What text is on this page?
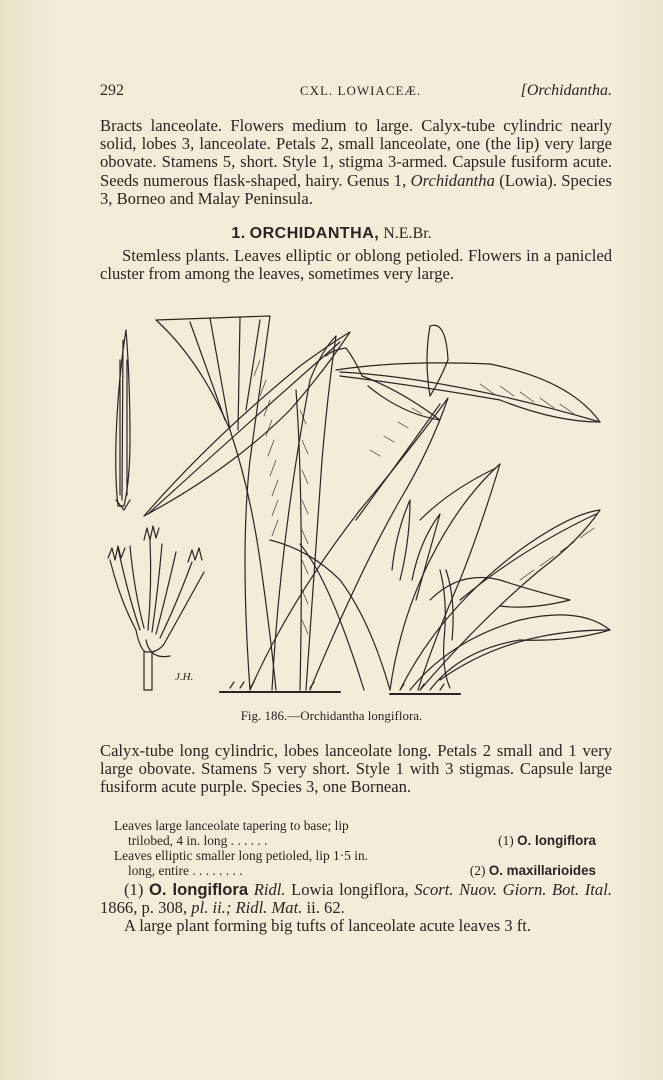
292	CXL. LOWIACEÆ.	[Orchidantha.
Bracts lanceolate. Flowers medium to large. Calyx-tube cylindric nearly solid, lobes 3, lanceolate. Petals 2, small lanceolate, one (the lip) very large obovate. Stamens 5, short. Style 1, stigma 3-armed. Capsule fusiform acute. Seeds numerous flask-shaped, hairy. Genus 1, Orchidantha (Lowia). Species 3, Borneo and Malay Peninsula.
1. ORCHIDANTHA, N.E.Br.
Stemless plants. Leaves elliptic or oblong petioled. Flowers in a panicled cluster from among the leaves, sometimes very large.
J.H.
Fig. 186.—Orchidantha longiflora.
Calyx-tube long cylindric, lobes lanceolate long. Petals 2 small and 1 very large obovate. Stamens 5 very short. Style 1 with 3 stigmas. Capsule large fusiform acute purple. Species 3, one Bornean.
Leaves large lanceolate tapering to base; lip
trilobed, 4 in. long . . . . . .	(1) O. longiflora
Leaves elliptic smaller long petioled, lip 1·5 in.
long, entire . . . . . . . .	(2) O. maxillarioides
(1) O. longiflora Ridl. Lowia longiflora, Scort. Nuov. Giorn. Bot. Ital. 1866, p. 308, pl. ii.; Ridl. Mat. ii. 62.
A large plant forming big tufts of lanceolate acute leaves 3 ft.
